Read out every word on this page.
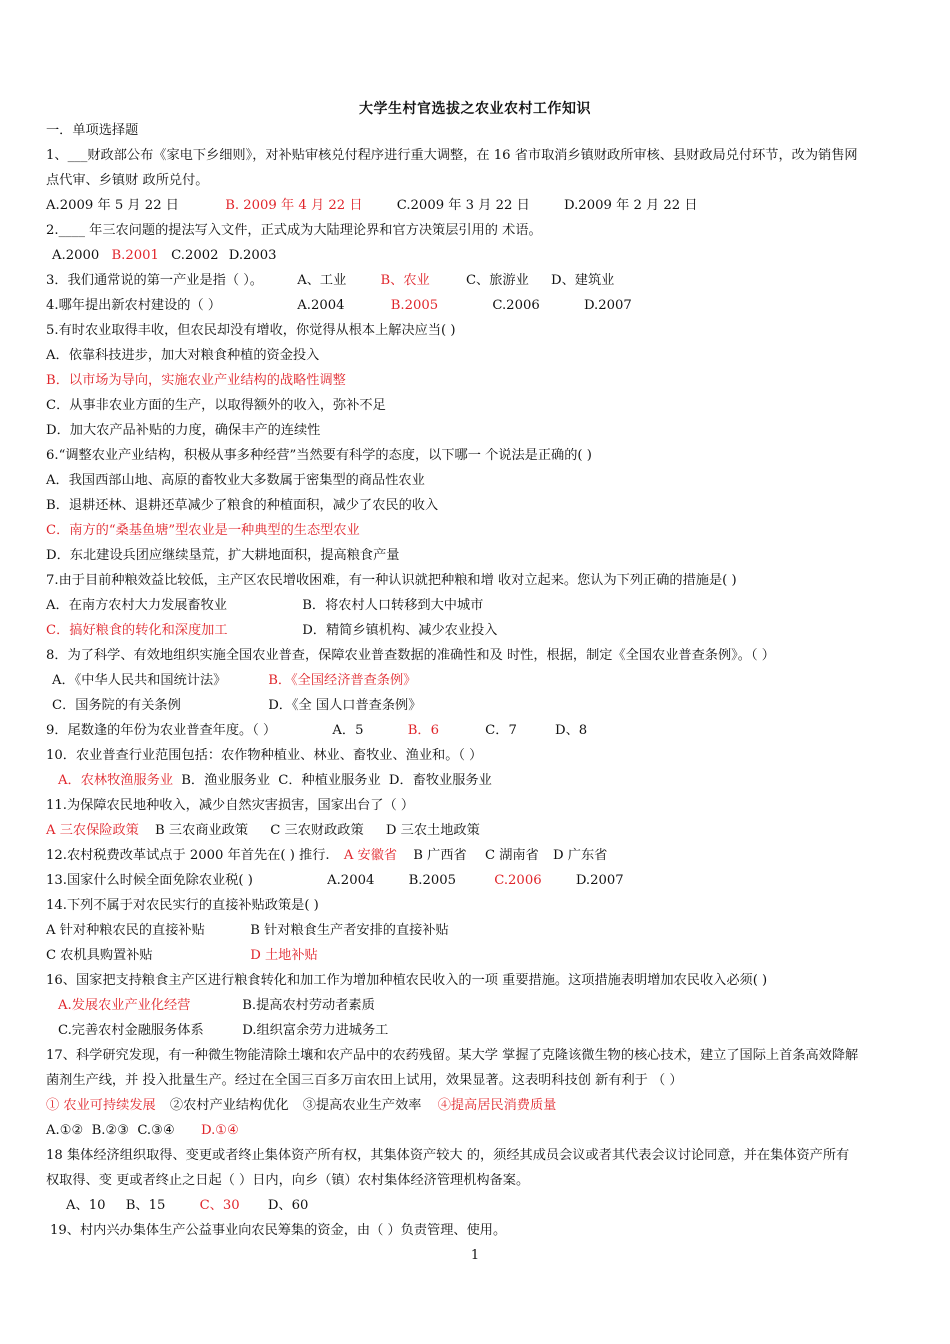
大学生村官选拔之农业农村工作知识
一．单项选择题
1、___财政部公布《家电下乡细则》，对补贴审核兑付程序进行重大调整，在 16 省市取消乡镇财政所审核、县财政局兑付环节，改为销售网
点代审、乡镇财 政所兑付。
A.2009 年 5 月 22 日	B. 2009 年 4 月 22 日	C.2009 年 3 月 22 日	D.2009 年 2 月 22 日
2.____ 年三农问题的提法写入文件，正式成为大陆理论界和官方决策层引用的 术语。
A.2000 B.2001 C.2002 D.2003
3．我们通常说的第一产业是指（ ）。	A、工业	B、农业	C、旅游业 D、建筑业
4.哪年提出新农村建设的（ ）	A.2004	B.2005	C.2006	D.2007
5.有时农业取得丰收，但农民却没有增收，你觉得从根本上解决应当( )
A．依靠科技进步，加大对粮食种植的资金投入
B．以市场为导向，实施农业产业结构的战略性调整
C．从事非农业方面的生产，以取得额外的收入，弥补不足
D．加大农产品补贴的力度，确保丰产的连续性
6.“调整农业产业结构，积极从事多种经营”当然要有科学的态度，以下哪一 个说法是正确的( )
A．我国西部山地、高原的畜牧业大多数属于密集型的商品性农业
B．退耕还林、退耕还草减少了粮食的种植面积，减少了农民的收入
C．南方的“桑基鱼塘”型农业是一种典型的生态型农业
D．东北建设兵团应继续垦荒，扩大耕地面积，提高粮食产量
7.由于目前种粮效益比较低，主产区农民增收困难，有一种认识就把种粮和增 收对立起来。您认为下列正确的措施是( )
A．在南方农村大力发展畜牧业	B．将农村人口转移到大中城市
C．搞好粮食的转化和深度加工	D．精简乡镇机构、减少农业投入
8．为了科学、有效地组织实施全国农业普查，保障农业普查数据的准确性和及 时性，根据，制定《全国农业普查条例》。（ ）
A．《中华人民共和国统计法》	B．《全国经济普查条例》
C．国务院的有关条例	D．《全 国人口普查条例》
9．尾数逢的年份为农业普查年度。（ ）	A．5	B．6	C．7	D、8
10．农业普查行业范围包括：农作物种植业、林业、畜牧业、渔业和。（ ）
A．农林牧渔服务业 B．渔业服务业 C．种植业服务业 D．畜牧业服务业
11.为保障农民地种收入，减少自然灾害损害，国家出台了（ ）
A 三农保险政策 B 三农商业政策 C 三农财政政策 D 三农土地政策
12.农村税费改革试点于 2000 年首先在( ) 推行. A 安徽省 B 广西省 C 湖南省 D 广东省
13.国家什么时候全面免除农业税( )	A.2004	B.2005	C.2006	D.2007
14.下列不属于对农民实行的直接补贴政策是( )
A 针对种粮农民的直接补贴	B 针对粮食生产者安排的直接补贴
C 农机具购置补贴	D 土地补贴
16、国家把支持粮食主产区进行粮食转化和加工作为增加种植农民收入的一项 重要措施。这项措施表明增加农民收入必须( )
A.发展农业产业化经营	B.提高农村劳动者素质
C.完善农村金融服务体系	D.组织富余劳力进城务工
17、科学研究发现，有一种微生物能清除土壤和农产品中的农药残留。某大学 掌握了克隆该微生物的核心技术，建立了国际上首条高效降解
菌剂生产线，并 投入批量生产。经过在全国三百多万亩农田上试用，效果显著。这表明科技创 新有利于 （ ）
① 农业可持续发展 ②农村产业结构优化 ③提高农业生产效率 ④提高居民消费质量
A.①② B.②③ C.③④ D.①④
18 集体经济组织取得、变更或者终止集体资产所有权，其集体资产较大 的，须经其成员会议或者其代表会议讨论同意，并在集体资产所有
权取得、变 更或者终止之日起（ ）日内，向乡（镇）农村集体经济管理机构备案。
A、10 B、15	C、30 D、60
19、村内兴办集体生产公益事业向农民筹集的资金，由（ ）负责管理、使用。
1
